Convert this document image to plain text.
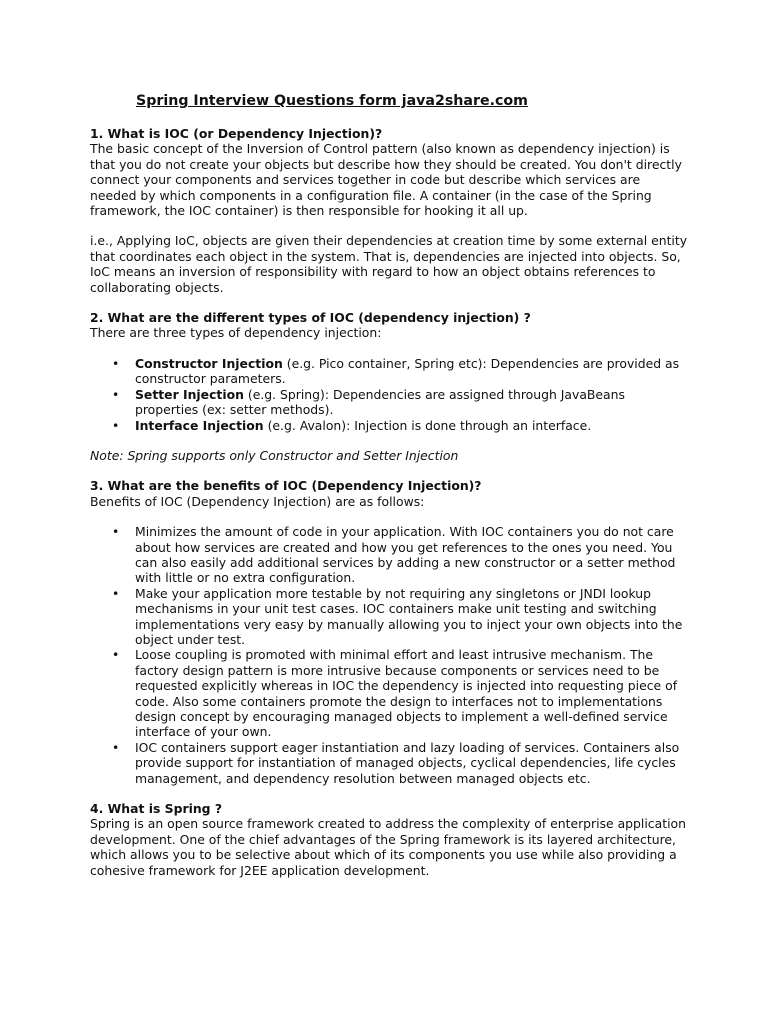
Spring Interview Questions form java2share.com

1. What is IOC (or Dependency Injection)?

The basic concept of the Inversion of Control pattern (also known as dependency injection) is that you do not create your objects but describe how they should be created. You don't directly connect your components and services together in code but describe which services are needed by which components in a configuration file. A container (in the case of the Spring framework, the IOC container) is then responsible for hooking it all up.

i.e., Applying IoC, objects are given their dependencies at creation time by some external entity that coordinates each object in the system. That is, dependencies are injected into objects. So, IoC means an inversion of responsibility with regard to how an object obtains references to collaborating objects.

2. What are the different types of IOC (dependency injection) ?

There are three types of dependency injection:

• Constructor Injection (e.g. Pico container, Spring etc): Dependencies are provided as constructor parameters.
• Setter Injection (e.g. Spring): Dependencies are assigned through JavaBeans properties (ex: setter methods).
• Interface Injection (e.g. Avalon): Injection is done through an interface.

Note: Spring supports only Constructor and Setter Injection

3. What are the benefits of IOC (Dependency Injection)?

Benefits of IOC (Dependency Injection) are as follows:

• Minimizes the amount of code in your application. With IOC containers you do not care about how services are created and how you get references to the ones you need. You can also easily add additional services by adding a new constructor or a setter method with little or no extra configuration.
• Make your application more testable by not requiring any singletons or JNDI lookup mechanisms in your unit test cases. IOC containers make unit testing and switching implementations very easy by manually allowing you to inject your own objects into the object under test.
• Loose coupling is promoted with minimal effort and least intrusive mechanism. The factory design pattern is more intrusive because components or services need to be requested explicitly whereas in IOC the dependency is injected into requesting piece of code. Also some containers promote the design to interfaces not to implementations design concept by encouraging managed objects to implement a well-defined service interface of your own.
• IOC containers support eager instantiation and lazy loading of services. Containers also provide support for instantiation of managed objects, cyclical dependencies, life cycles management, and dependency resolution between managed objects etc.

4. What is Spring ?

Spring is an open source framework created to address the complexity of enterprise application development. One of the chief advantages of the Spring framework is its layered architecture, which allows you to be selective about which of its components you use while also providing a cohesive framework for J2EE application development.
